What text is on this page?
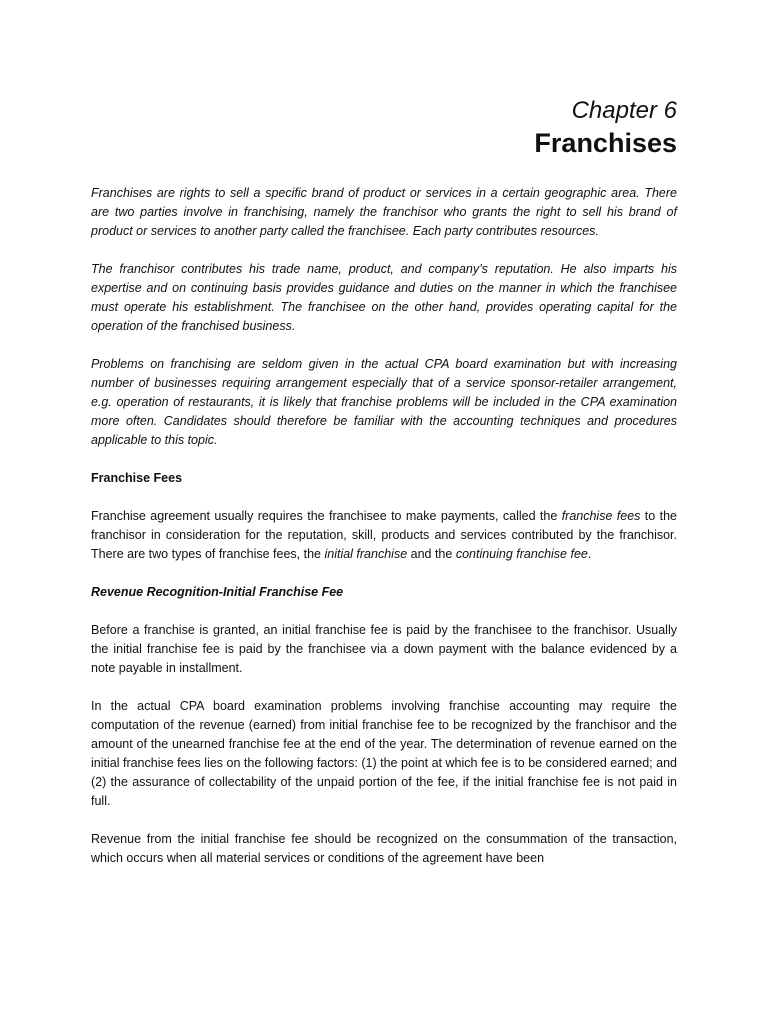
Chapter 6
Franchises

Franchises are rights to sell a specific brand of product or services in a certain geographic area. There are two parties involve in franchising, namely the franchisor who grants the right to sell his brand of product or services to another party called the franchisee. Each party contributes resources.

The franchisor contributes his trade name, product, and company’s reputation. He also imparts his expertise and on continuing basis provides guidance and duties on the manner in which the franchisee must operate his establishment. The franchisee on the other hand, provides operating capital for the operation of the franchised business.

Problems on franchising are seldom given in the actual CPA board examination but with increasing number of businesses requiring arrangement especially that of a service sponsor-retailer arrangement, e.g. operation of restaurants, it is likely that franchise problems will be included in the CPA examination more often. Candidates should therefore be familiar with the accounting techniques and procedures applicable to this topic.

Franchise Fees

Franchise agreement usually requires the franchisee to make payments, called the franchise fees to the franchisor in consideration for the reputation, skill, products and services contributed by the franchisor. There are two types of franchise fees, the initial franchise and the continuing franchise fee.

Revenue Recognition-Initial Franchise Fee

Before a franchise is granted, an initial franchise fee is paid by the franchisee to the franchisor. Usually the initial franchise fee is paid by the franchisee via a down payment with the balance evidenced by a note payable in installment.

In the actual CPA board examination problems involving franchise accounting may require the computation of the revenue (earned) from initial franchise fee to be recognized by the franchisor and the amount of the unearned franchise fee at the end of the year. The determination of revenue earned on the initial franchise fees lies on the following factors: (1) the point at which fee is to be considered earned; and (2) the assurance of collectability of the unpaid portion of the fee, if the initial franchise fee is not paid in full.

Revenue from the initial franchise fee should be recognized on the consummation of the transaction, which occurs when all material services or conditions of the agreement have been
